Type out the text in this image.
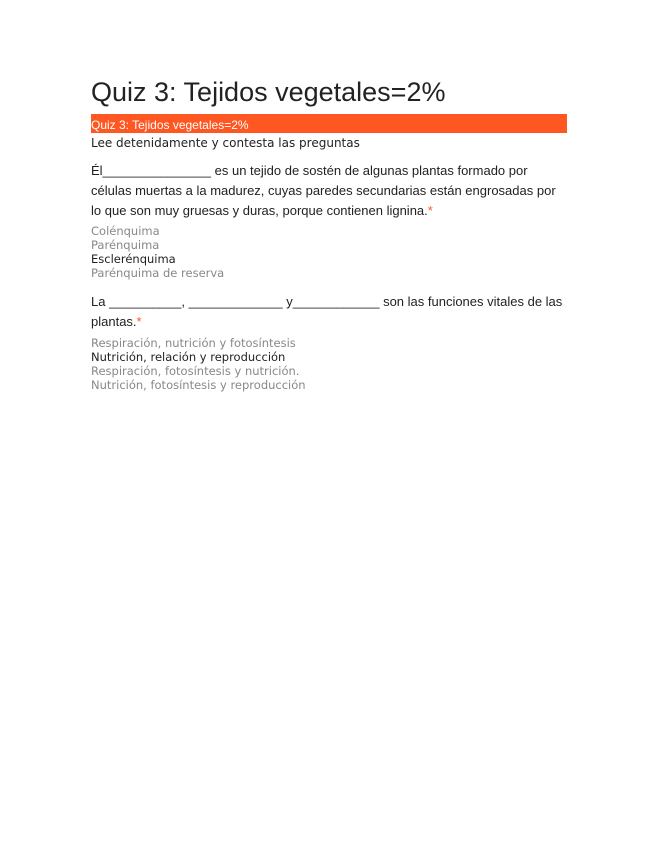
Quiz 3: Tejidos vegetales=2%
Quiz 3: Tejidos vegetales=2%
Lee detenidamente y contesta las preguntas

Él_______________ es un tejido de sostén de algunas plantas formado por células muertas a la madurez, cuyas paredes secundarias están engrosadas por lo que son muy gruesas y duras, porque contienen lignina.*

Colénquima
Parénquima
Esclerénquima
Parénquima de reserva

La __________, _____________ y____________ son las funciones vitales de las plantas.*

Respiración, nutrición y fotosíntesis
Nutrición, relación y reproducción
Respiración, fotosíntesis y nutrición.
Nutrición, fotosíntesis y reproducción
